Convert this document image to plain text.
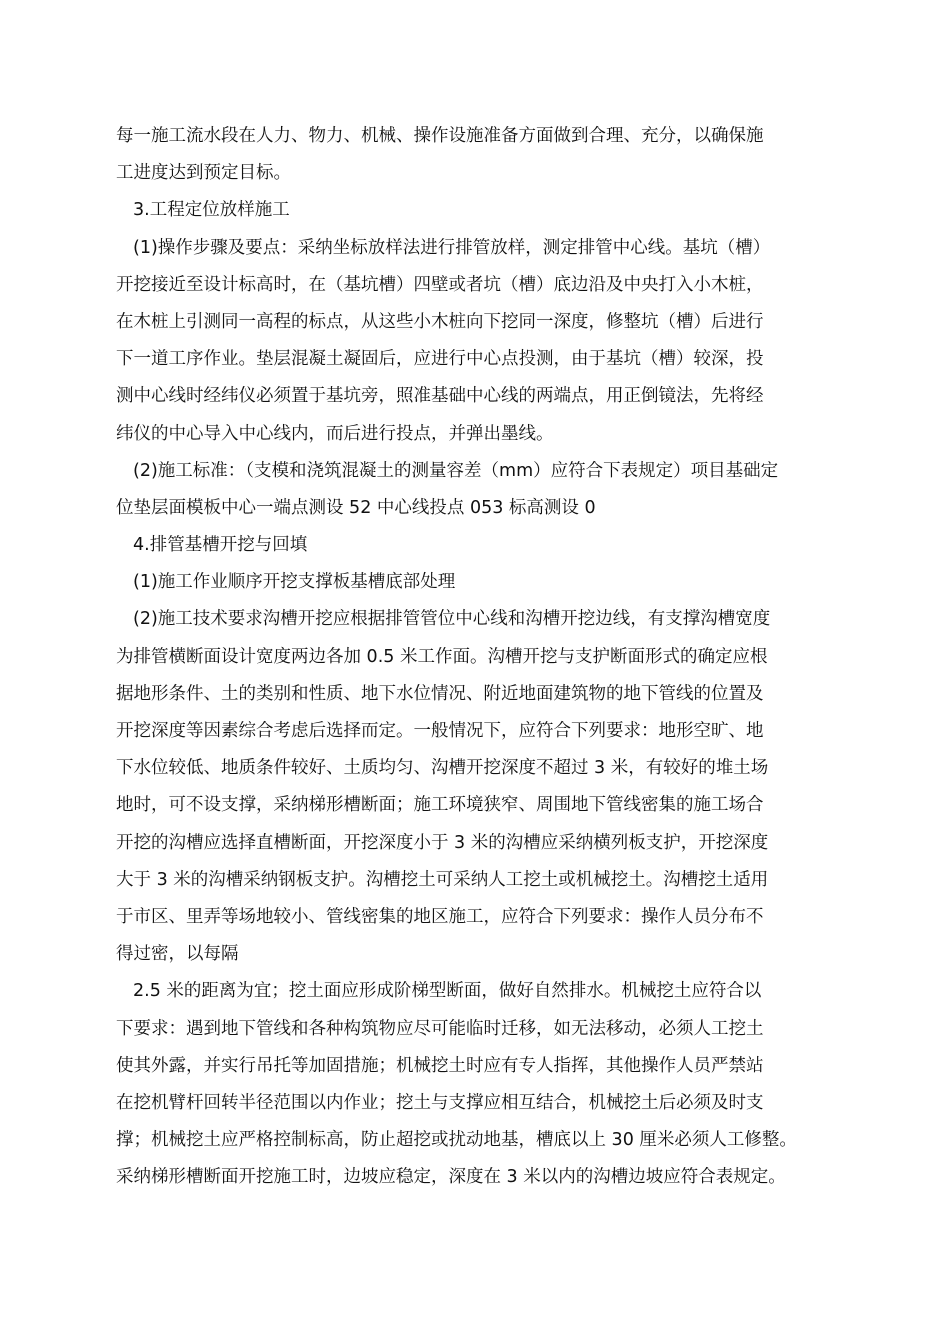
每一施工流水段在人力、物力、机械、操作设施准备方面做到合理、充分，以确保施
工进度达到预定目标。
3.工程定位放样施工
(1)操作步骤及要点：采纳坐标放样法进行排管放样，测定排管中心线。基坑（槽）
开挖接近至设计标高时，在（基坑槽）四壁或者坑（槽）底边沿及中央打入小木桩，
在木桩上引测同一高程的标点，从这些小木桩向下挖同一深度，修整坑（槽）后进行
下一道工序作业。垫层混凝土凝固后，应进行中心点投测，由于基坑（槽）较深，投
测中心线时经纬仪必须置于基坑旁，照准基础中心线的两端点，用正倒镜法，先将经
纬仪的中心导入中心线内，而后进行投点，并弹出墨线。
(2)施工标准：（支模和浇筑混凝土的测量容差（mm）应符合下表规定）项目基础定
位垫层面模板中心一端点测设 52 中心线投点 053 标高测设 0
4.排管基槽开挖与回填
(1)施工作业顺序开挖支撑板基槽底部处理
(2)施工技术要求沟槽开挖应根据排管管位中心线和沟槽开挖边线，有支撑沟槽宽度
为排管横断面设计宽度两边各加 0.5 米工作面。沟槽开挖与支护断面形式的确定应根
据地形条件、土的类别和性质、地下水位情况、附近地面建筑物的地下管线的位置及
开挖深度等因素综合考虑后选择而定。一般情况下，应符合下列要求：地形空旷、地
下水位较低、地质条件较好、土质均匀、沟槽开挖深度不超过 3 米，有较好的堆土场
地时，可不设支撑，采纳梯形槽断面；施工环境狭窄、周围地下管线密集的施工场合
开挖的沟槽应选择直槽断面，开挖深度小于 3 米的沟槽应采纳横列板支护，开挖深度
大于 3 米的沟槽采纳钢板支护。沟槽挖土可采纳人工挖土或机械挖土。沟槽挖土适用
于市区、里弄等场地较小、管线密集的地区施工，应符合下列要求：操作人员分布不
得过密，以每隔
2.5 米的距离为宜；挖土面应形成阶梯型断面，做好自然排水。机械挖土应符合以
下要求：遇到地下管线和各种构筑物应尽可能临时迁移，如无法移动，必须人工挖土
使其外露，并实行吊托等加固措施；机械挖土时应有专人指挥，其他操作人员严禁站
在挖机臂杆回转半径范围以内作业；挖土与支撑应相互结合，机械挖土后必须及时支
撑；机械挖土应严格控制标高，防止超挖或扰动地基，槽底以上 30 厘米必须人工修整。
采纳梯形槽断面开挖施工时，边坡应稳定，深度在 3 米以内的沟槽边坡应符合表规定。
